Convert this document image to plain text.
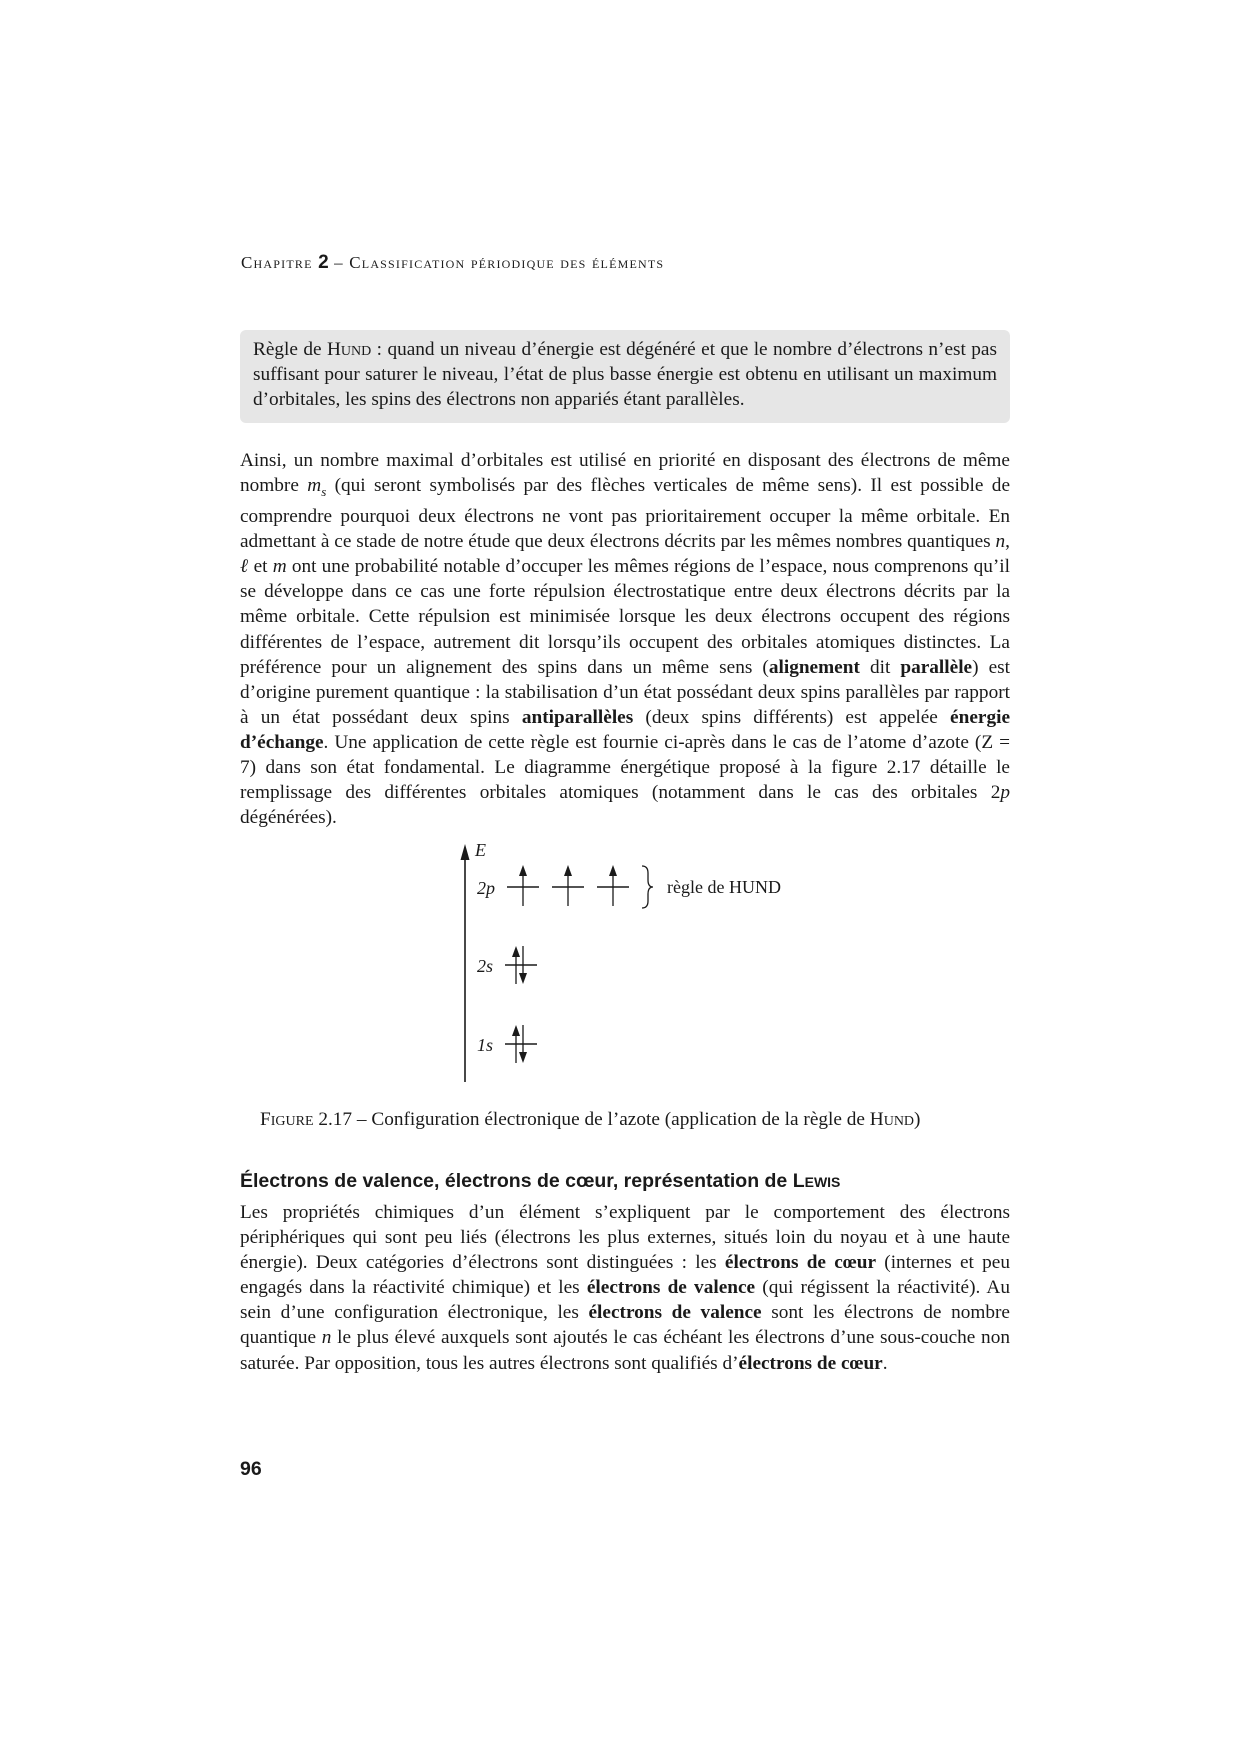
Chapitre 2 – Classification périodique des éléments

Règle de Hund : quand un niveau d’énergie est dégénéré et que le nombre d’électrons n’est pas suffisant pour saturer le niveau, l’état de plus basse énergie est obtenu en utilisant un maximum d’orbitales, les spins des électrons non appariés étant parallèles.

Ainsi, un nombre maximal d’orbitales est utilisé en priorité en disposant des électrons de même nombre $m_s$ (qui seront symbolisés par des flèches verticales de même sens). Il est possible de comprendre pourquoi deux électrons ne vont pas prioritairement occuper la même orbitale. En admettant à ce stade de notre étude que deux électrons décrits par les mêmes nombres quantiques n, ℓ et m ont une probabilité notable d’occuper les mêmes régions de l’espace, nous comprenons qu’il se développe dans ce cas une forte répulsion électrostatique entre deux électrons décrits par la même orbitale. Cette répulsion est minimisée lorsque les deux électrons occupent des régions différentes de l’espace, autrement dit lorsqu’ils occupent des orbitales atomiques distinctes. La préférence pour un alignement des spins dans un même sens (alignement dit parallèle) est d’origine purement quantique : la stabilisation d’un état possédant deux spins parallèles par rapport à un état possédant deux spins antiparallèles (deux spins différents) est appelée énergie d’échange. Une application de cette règle est fournie ci-après dans le cas de l’atome d’azote (Z = 7) dans son état fondamental. Le diagramme énergétique proposé à la figure 2.17 détaille le remplissage des différentes orbitales atomiques (notamment dans le cas des orbitales 2p dégénérées).

E
2p
2s
1s
règle de HUND
Figure 2.17 – Configuration électronique de l’azote (application de la règle de Hund)
Électrons de valence, électrons de cœur, représentation de Lewis

Les propriétés chimiques d’un élément s’expliquent par le comportement des électrons périphériques qui sont peu liés (électrons les plus externes, situés loin du noyau et à une haute énergie). Deux catégories d’électrons sont distinguées : les électrons de cœur (internes et peu engagés dans la réactivité chimique) et les électrons de valence (qui régissent la réactivité). Au sein d’une configuration électronique, les électrons de valence sont les électrons de nombre quantique n le plus élevé auxquels sont ajoutés le cas échéant les électrons d’une sous-couche non saturée. Par opposition, tous les autres électrons sont qualifiés d’électrons de cœur.

96
